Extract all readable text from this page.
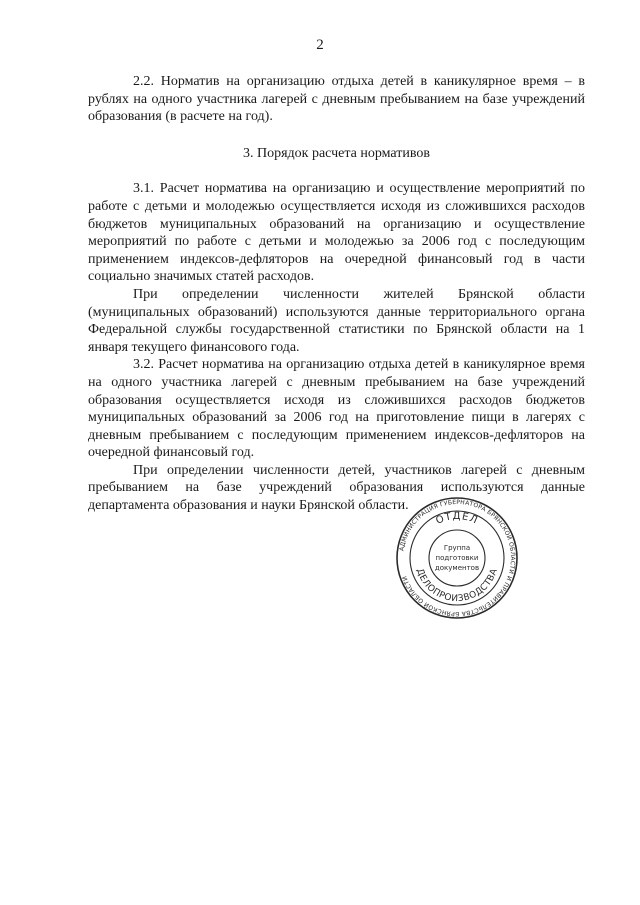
2

2.2. Норматив на организацию отдыха детей в каникулярное время – в рублях на одного участника лагерей с дневным пребыванием на базе учреждений образования (в расчете на год).

3. Порядок расчета нормативов

3.1. Расчет норматива на организацию и осуществление мероприятий по работе с детьми и молодежью осуществляется исходя из сложившихся расходов бюджетов муниципальных образований на организацию и осуществление мероприятий по работе с детьми и молодежью за 2006 год с последующим применением индексов-дефляторов на очередной финансовый год в части социально значимых статей расходов.

При определении численности жителей Брянской области (муниципальных образований) используются данные территориального органа Федеральной службы государственной статистики по Брянской области на 1 января текущего финансового года.

3.2. Расчет норматива на организацию отдыха детей в каникулярное время на одного участника лагерей с дневным пребыванием на базе учреждений образования осуществляется исходя из сложившихся расходов бюджетов муниципальных образований за 2006 год на приготовление пищи в лагерях с дневным пребыванием с последующим применением индексов-дефляторов на очередной финансовый год.

При определении численности детей, участников лагерей с дневным пребыванием на базе учреждений образования используются данные департамента образования и науки Брянской области.

АДМИНИСТРАЦИЯ ГУБЕРНАТОРА БРЯНСКОЙ ОБЛАСТИ И ПРАВИТЕЛЬСТВА БРЯНСКОЙ ОБЛАСТИ
ОТДЕЛ
ДЕЛОПРОИЗВОДСТВА
Группа
подготовки
документов
